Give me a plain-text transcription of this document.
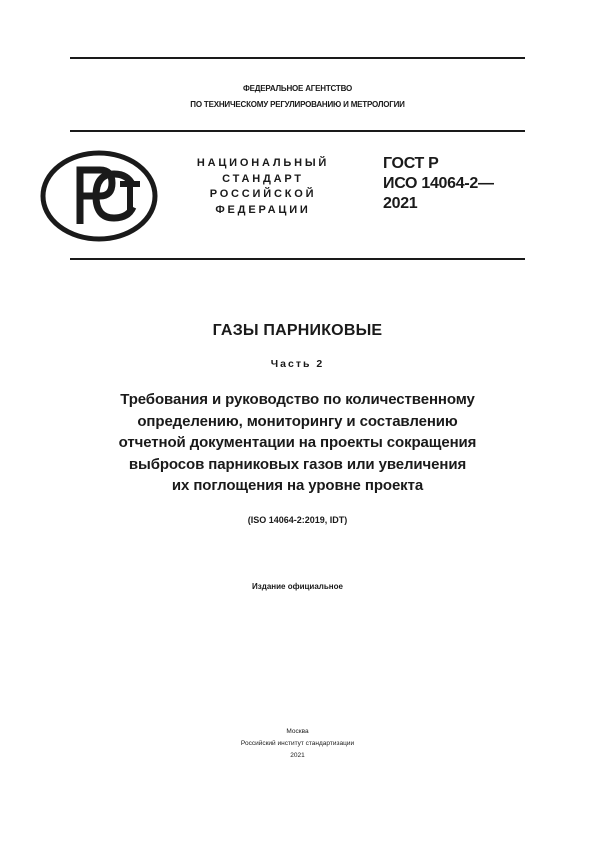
ФЕДЕРАЛЬНОЕ АГЕНТСТВО
ПО ТЕХНИЧЕСКОМУ РЕГУЛИРОВАНИЮ И МЕТРОЛОГИИ
НАЦИОНАЛЬНЫЙ
СТАНДАРТ
РОССИЙСКОЙ
ФЕДЕРАЦИИ
ГОСТ Р
ИСО 14064-2—
2021
ГАЗЫ ПАРНИКОВЫЕ
Часть 2
Требования и руководство по количественному
определению, мониторингу и составлению
отчетной документации на проекты сокращения
выбросов парниковых газов или увеличения
их поглощения на уровне проекта
(ISO 14064-2:2019, IDT)
Издание официальное
Москва
Российский институт стандартизации
2021
